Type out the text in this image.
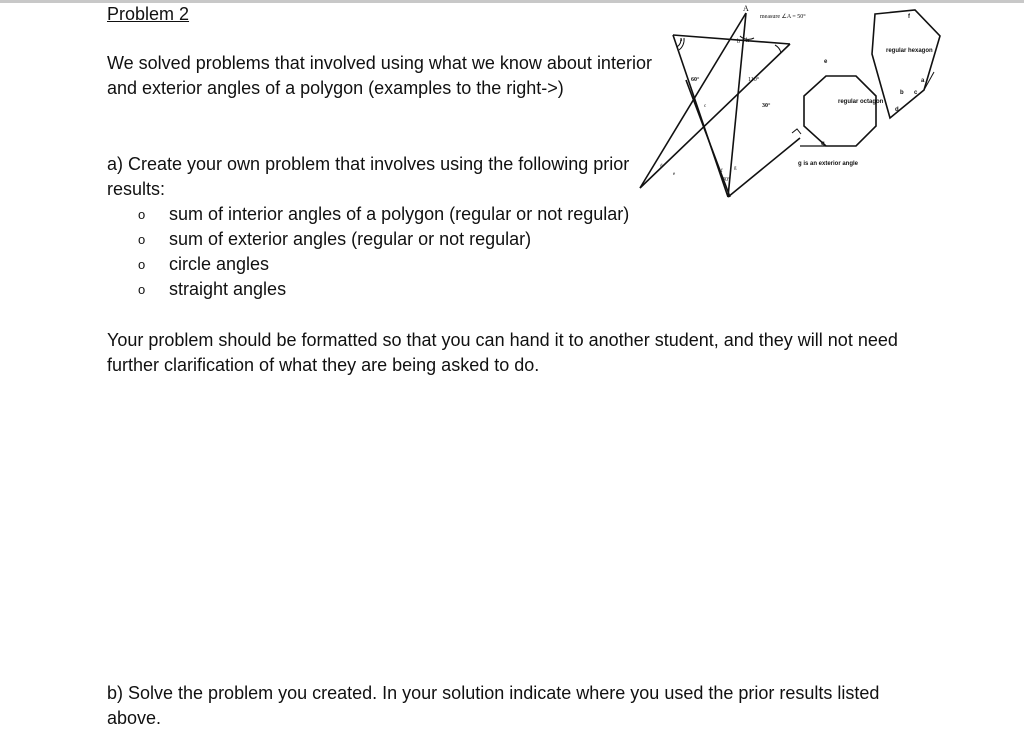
Problem 2
We solved problems that involved using what we know about interior and exterior angles of a polygon (examples to the right->)
a) Create your own problem that involves using the following prior results:
o	sum of interior angles of a polygon (regular or not regular)
o	sum of exterior angles (regular or not regular)
o	circle angles
o	straight angles
Your problem should be formatted so that you can hand it to another student, and they will not need further clarification of what they are being asked to do.
b) Solve the problem you created. In your solution indicate where you used the prior results listed above.
A
measure ∠A = 50°
a	b h
60°	110°
c	30°
d
e
f
g
40°
regular octagon
e
g
g is an exterior angle
regular hexagon
f
a
b c
d
